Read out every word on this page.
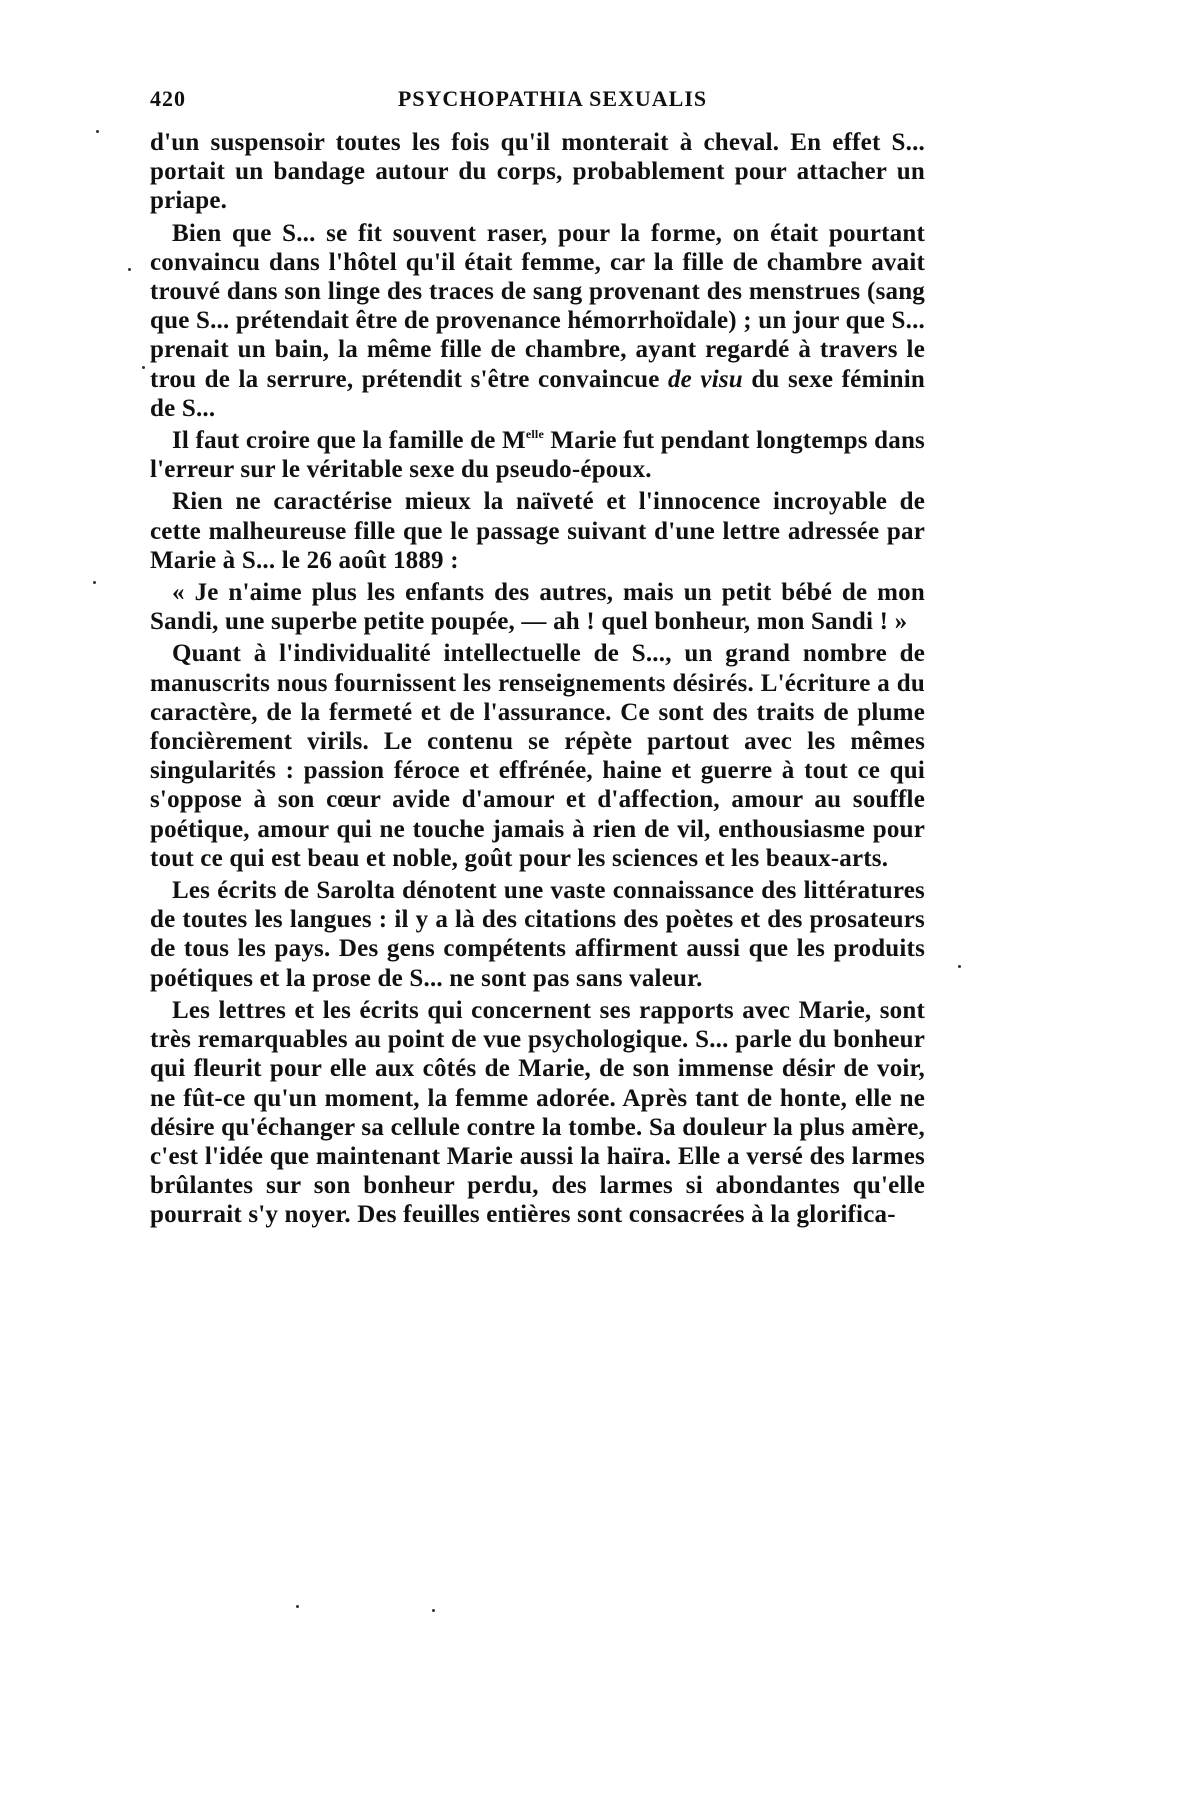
420	PSYCHOPATHIA SEXUALIS

d'un suspensoir toutes les fois qu'il monterait à cheval. En effet S... portait un bandage autour du corps, probablement pour attacher un priape.

Bien que S... se fit souvent raser, pour la forme, on était pourtant convaincu dans l'hôtel qu'il était femme, car la fille de chambre avait trouvé dans son linge des traces de sang provenant des menstrues (sang que S... prétendait être de provenance hémorrhoïdale) ; un jour que S... prenait un bain, la même fille de chambre, ayant regardé à travers le trou de la serrure, prétendit s'être convaincue de visu du sexe féminin de S...

Il faut croire que la famille de $M^{elle}$ Marie fut pendant longtemps dans l'erreur sur le véritable sexe du pseudo-époux.

Rien ne caractérise mieux la naïveté et l'innocence incroyable de cette malheureuse fille que le passage suivant d'une lettre adressée par Marie à S... le 26 août 1889 :

« Je n'aime plus les enfants des autres, mais un petit bébé de mon Sandi, une superbe petite poupée, — ah ! quel bonheur, mon Sandi ! »

Quant à l'individualité intellectuelle de S..., un grand nombre de manuscrits nous fournissent les renseignements désirés. L'écriture a du caractère, de la fermeté et de l'assurance. Ce sont des traits de plume foncièrement virils. Le contenu se répète partout avec les mêmes singularités : passion féroce et effrénée, haine et guerre à tout ce qui s'oppose à son cœur avide d'amour et d'affection, amour au souffle poétique, amour qui ne touche jamais à rien de vil, enthousiasme pour tout ce qui est beau et noble, goût pour les sciences et les beaux-arts.

Les écrits de Sarolta dénotent une vaste connaissance des littératures de toutes les langues : il y a là des citations des poètes et des prosateurs de tous les pays. Des gens compétents affirment aussi que les produits poétiques et la prose de S... ne sont pas sans valeur.

Les lettres et les écrits qui concernent ses rapports avec Marie, sont très remarquables au point de vue psychologique. S... parle du bonheur qui fleurit pour elle aux côtés de Marie, de son immense désir de voir, ne fût-ce qu'un moment, la femme adorée. Après tant de honte, elle ne désire qu'échanger sa cellule contre la tombe. Sa douleur la plus amère, c'est l'idée que maintenant Marie aussi la haïra. Elle a versé des larmes brûlantes sur son bonheur perdu, des larmes si abondantes qu'elle pourrait s'y noyer. Des feuilles entières sont consacrées à la glorifica-
